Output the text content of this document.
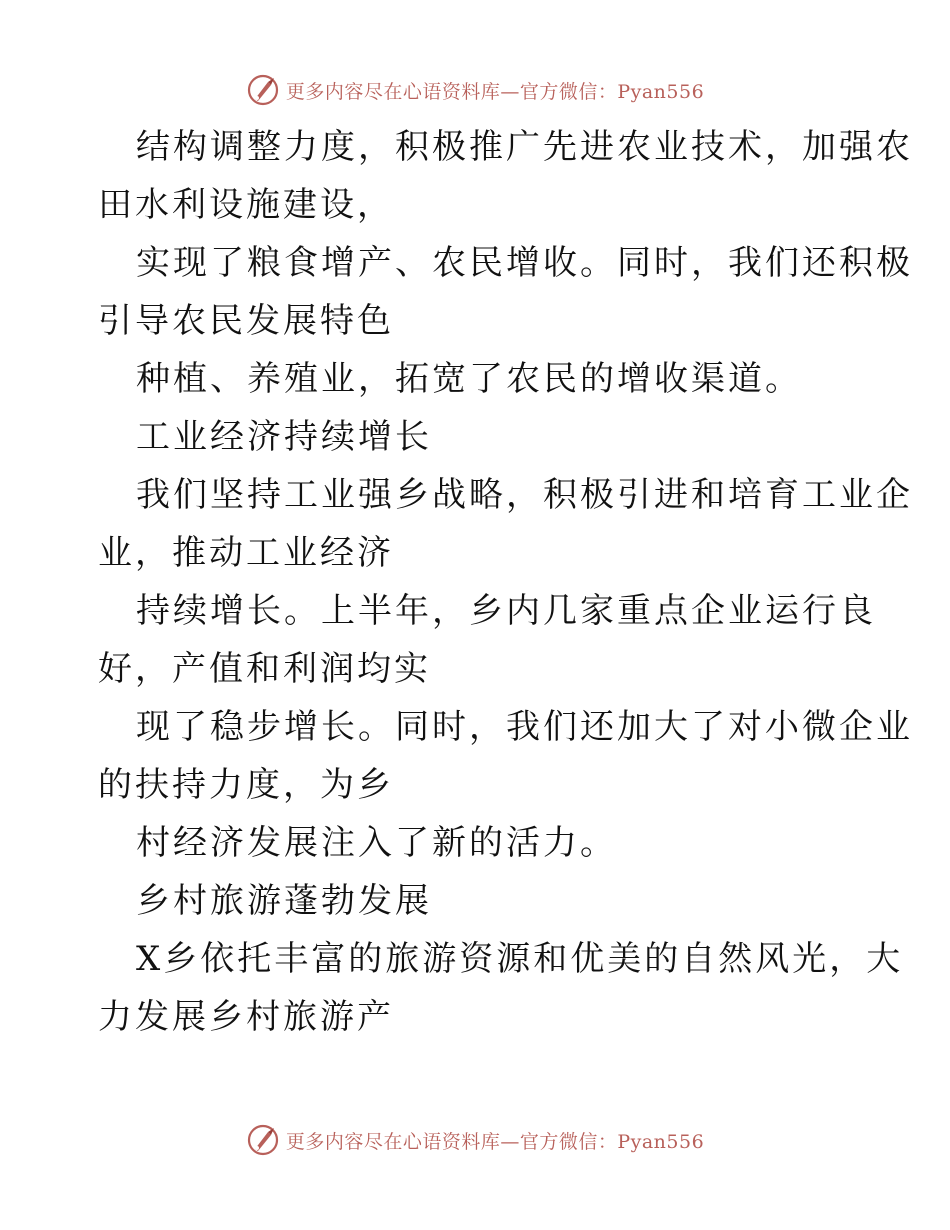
更多内容尽在心语资料库—官方微信：Pyan556
结构调整力度，积极推广先进农业技术，加强农
田水利设施建设，
实现了粮食增产、农民增收。同时，我们还积极
引导农民发展特色
种植、养殖业，拓宽了农民的增收渠道。
工业经济持续增长
我们坚持工业强乡战略，积极引进和培育工业企
业，推动工业经济
持续增长。上半年，乡内几家重点企业运行良
好，产值和利润均实
现了稳步增长。同时，我们还加大了对小微企业
的扶持力度，为乡
村经济发展注入了新的活力。
乡村旅游蓬勃发展
X乡依托丰富的旅游资源和优美的自然风光，大
力发展乡村旅游产
更多内容尽在心语资料库—官方微信：Pyan556
